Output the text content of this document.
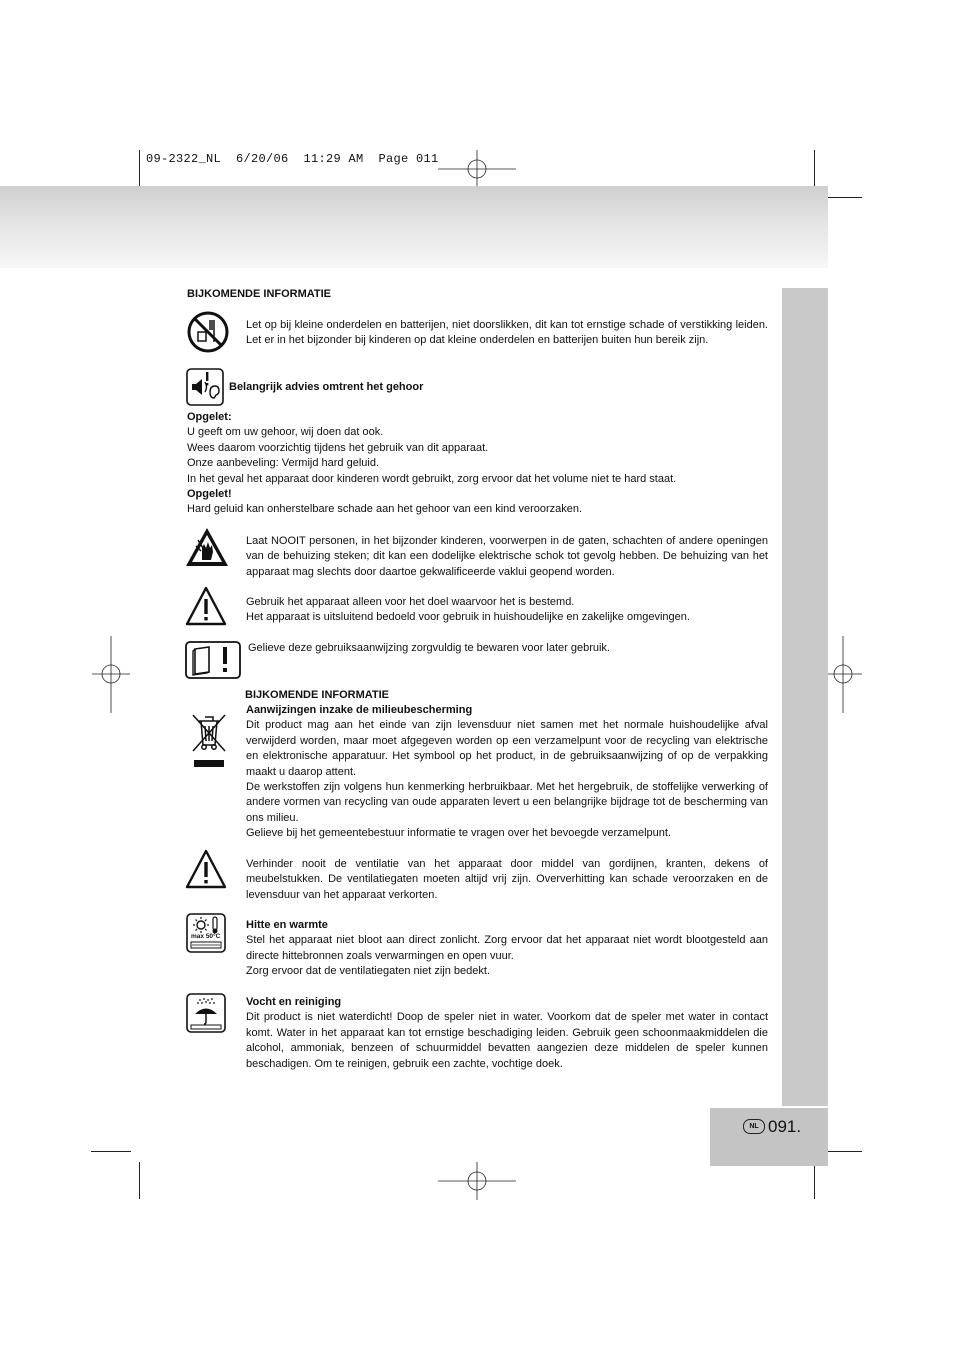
09-2322_NL  6/20/06  11:29 AM  Page 011
NL 091.
BIJKOMENDE INFORMATIE
Let op bij kleine onderdelen en batterijen, niet doorslikken, dit kan tot ernstige schade of verstikking leiden. Let er in het bijzonder bij kinderen op dat kleine onderdelen en batterijen buiten hun bereik zijn.
Belangrijk advies omtrent het gehoor

Opgelet:

U geeft om uw gehoor, wij doen dat ook.

Wees daarom voorzichtig tijdens het gebruik van dit apparaat.

Onze aanbeveling: Vermijd hard geluid.

In het geval het apparaat door kinderen wordt gebruikt, zorg ervoor dat het volume niet te hard staat.

Opgelet!

Hard geluid kan onherstelbare schade aan het gehoor van een kind veroorzaken.

Laat NOOIT personen, in het bijzonder kinderen, voorwerpen in de gaten, schachten of andere openingen van de behuizing steken; dit kan een dodelijke elektrische schok tot gevolg hebben. De behuizing van het apparaat mag slechts door daartoe gekwalificeerde vaklui geopend worden.

Gebruik het apparaat alleen voor het doel waarvoor het is bestemd.

Het apparaat is uitsluitend bedoeld voor gebruik in huishoudelijke en zakelijke omgevingen.

Gelieve deze gebruiksaanwijzing zorgvuldig te bewaren voor later gebruik.
BIJKOMENDE INFORMATIE

Aanwijzingen inzake de milieubescherming

Dit product mag aan het einde van zijn levensduur niet samen met het normale huishoudelijke afval verwijderd worden, maar moet afgegeven worden op een verzamelpunt voor de recycling van elektrische en elektronische apparatuur. Het symbool op het product, in de gebruiksaanwijzing of op de verpakking maakt u daarop attent.

De werkstoffen zijn volgens hun kenmerking herbruikbaar. Met het hergebruik, de stoffelijke verwerking of andere vormen van recycling van oude apparaten levert u een belangrijke bijdrage tot de bescherming van ons milieu.

Gelieve bij het gemeentebestuur informatie te vragen over het bevoegde verzamelpunt.

Verhinder nooit de ventilatie van het apparaat door middel van gordijnen, kranten, dekens of meubelstukken. De ventilatiegaten moeten altijd vrij zijn. Oververhitting kan schade veroorzaken en de levensduur van het apparaat verkorten.
max 50°C

Hitte en warmte

Stel het apparaat niet bloot aan direct zonlicht. Zorg ervoor dat het apparaat niet wordt blootgesteld aan directe hittebronnen zoals verwarmingen en open vuur.

Zorg ervoor dat de ventilatiegaten niet zijn bedekt.

Vocht en reiniging

Dit product is niet waterdicht! Doop de speler niet in water. Voorkom dat de speler met water in contact komt. Water in het apparaat kan tot ernstige beschadiging leiden. Gebruik geen schoonmaakmiddelen die alcohol, ammoniak, benzeen of schuurmiddel bevatten aangezien deze middelen de speler kunnen beschadigen. Om te reinigen, gebruik een zachte, vochtige doek.
